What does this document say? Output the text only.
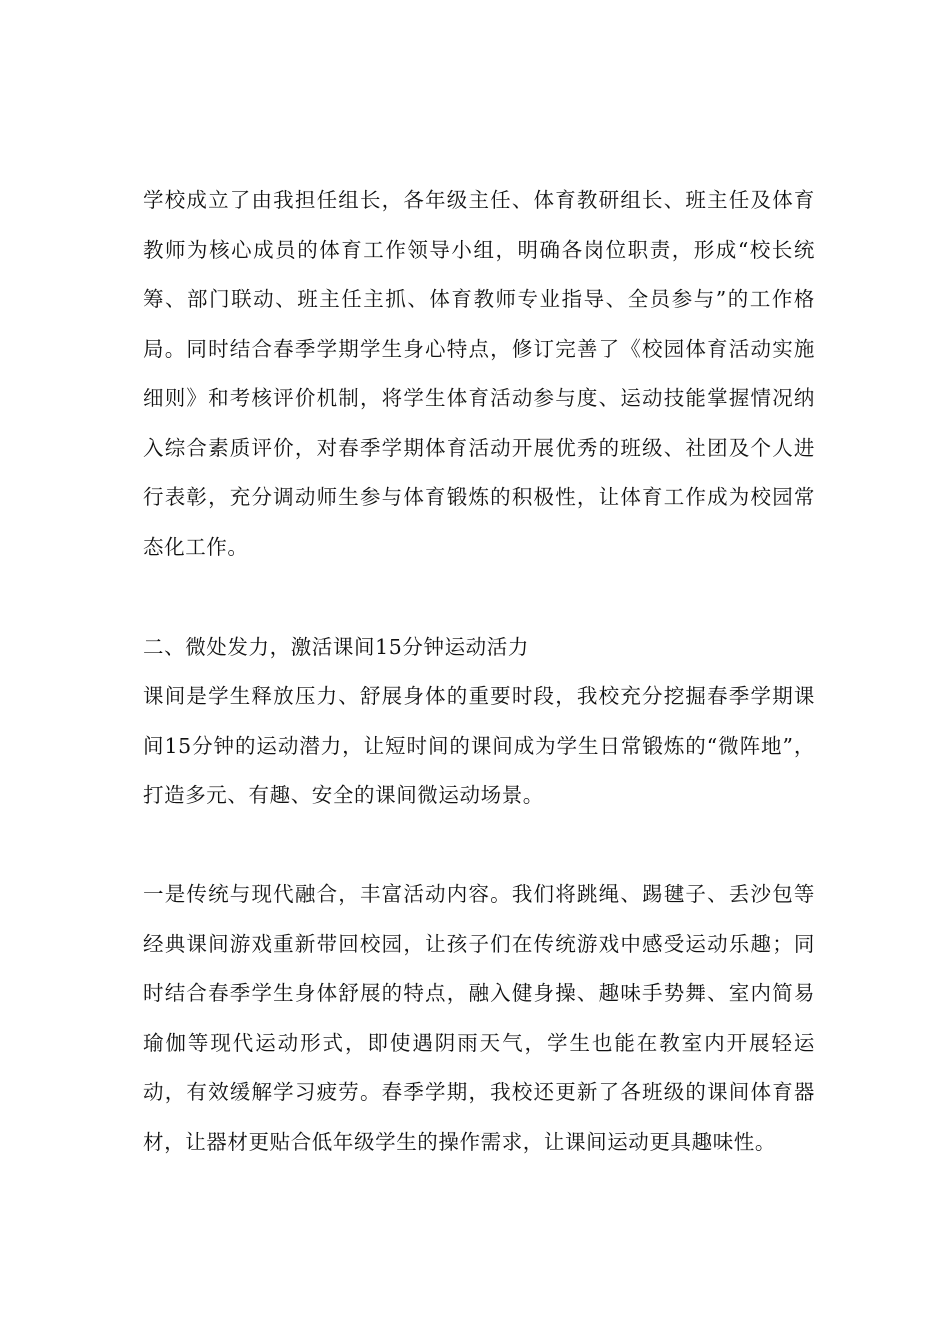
学校成立了由我担任组长，各年级主任、体育教研组长、班主任及体育教师为核心成员的体育工作领导小组，明确各岗位职责，形成“校长统筹、部门联动、班主任主抓、体育教师专业指导、全员参与”的工作格局。同时结合春季学期学生身心特点，修订完善了《校园体育活动实施细则》和考核评价机制，将学生体育活动参与度、运动技能掌握情况纳入综合素质评价，对春季学期体育活动开展优秀的班级、社团及个人进行表彰，充分调动师生参与体育锻炼的积极性，让体育工作成为校园常态化工作。

二、微处发力，激活课间15分钟运动活力

课间是学生释放压力、舒展身体的重要时段，我校充分挖掘春季学期课间15分钟的运动潜力，让短时间的课间成为学生日常锻炼的“微阵地”，打造多元、有趣、安全的课间微运动场景。

一是传统与现代融合，丰富活动内容。我们将跳绳、踢毽子、丢沙包等经典课间游戏重新带回校园，让孩子们在传统游戏中感受运动乐趣；同时结合春季学生身体舒展的特点，融入健身操、趣味手势舞、室内简易瑜伽等现代运动形式，即使遇阴雨天气，学生也能在教室内开展轻运动，有效缓解学习疲劳。春季学期，我校还更新了各班级的课间体育器材，让器材更贴合低年级学生的操作需求，让课间运动更具趣味性。
